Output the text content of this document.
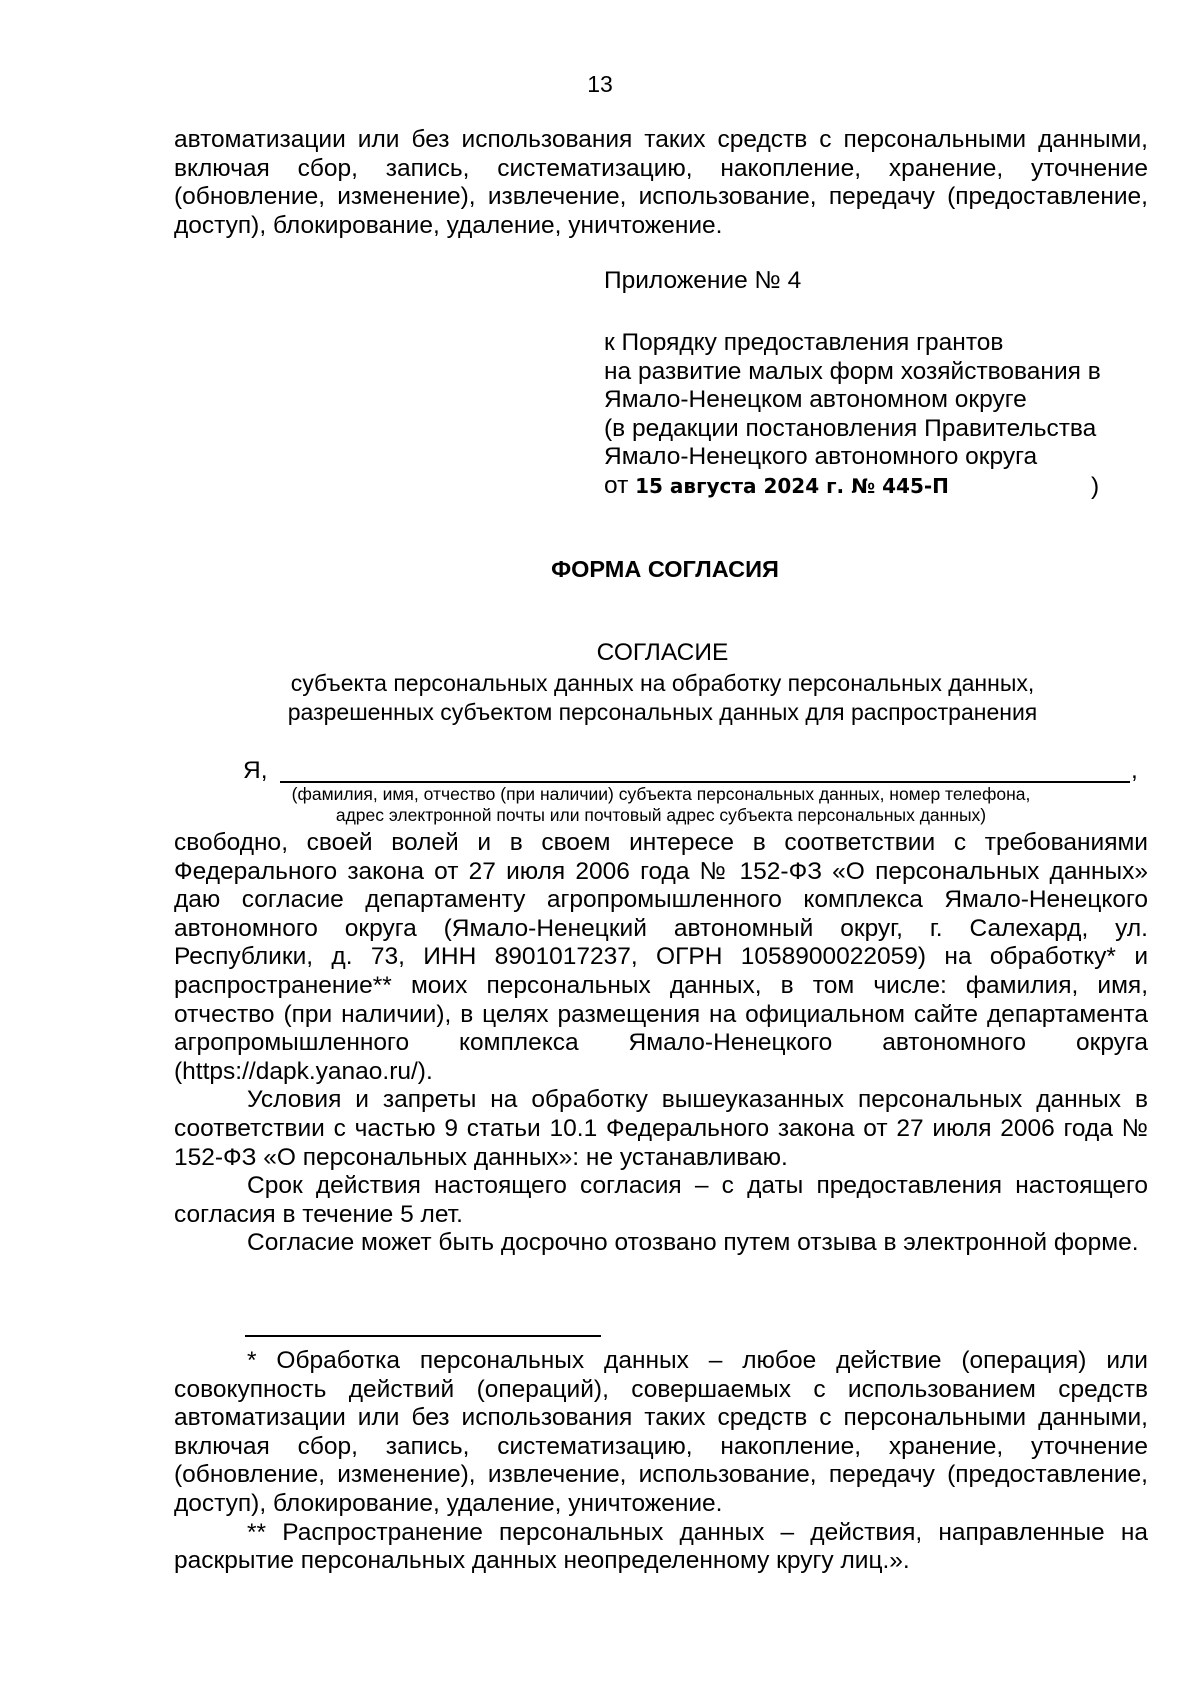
13

автоматизации или без использования таких средств с персональными данными, включая сбор, запись, систематизацию, накопление, хранение, уточнение (обновление, изменение), извлечение, использование, передачу (предоставление, доступ), блокирование, удаление, уничтожение.

Приложение № 4
к Порядку предоставления грантов
на развитие малых форм хозяйствования в
Ямало-Ненецком автономном округе
(в редакции постановления Правительства
Ямало-Ненецкого автономного округа
от 15 августа 2024 г. № 445-П	)
ФОРМА СОГЛАСИЯ
СОГЛАСИЕ
субъекта персональных данных на обработку персональных данных,
разрешенных субъектом персональных данных для распространения
Я,	,
(фамилия, имя, отчество (при наличии) субъекта персональных данных, номер телефона,
адрес электронной почты или почтовый адрес субъекта персональных данных)

свободно, своей волей и в своем интересе в соответствии с требованиями Федерального закона от 27 июля 2006 года № 152-ФЗ «О персональных данных» даю согласие департаменту агропромышленного комплекса Ямало-Ненецкого автономного округа (Ямало-Ненецкий автономный округ, г. Салехард, ул. Республики, д. 73, ИНН 8901017237, ОГРН 1058900022059) на обработку* и распространение** моих персональных данных, в том числе: фамилия, имя, отчество (при наличии), в целях размещения на официальном сайте департамента агропромышленного комплекса Ямало-Ненецкого автономного округа (https://dapk.yanao.ru/).

Условия и запреты на обработку вышеуказанных персональных данных в соответствии с частью 9 статьи 10.1 Федерального закона от 27 июля 2006 года № 152-ФЗ «О персональных данных»: не устанавливаю.

Срок действия настоящего согласия – с даты предоставления настоящего согласия в течение 5 лет.

Согласие может быть досрочно отозвано путем отзыва в электронной форме.

* Обработка персональных данных – любое действие (операция) или совокупность действий (операций), совершаемых с использованием средств автоматизации или без использования таких средств с персональными данными, включая сбор, запись, систематизацию, накопление, хранение, уточнение (обновление, изменение), извлечение, использование, передачу (предоставление, доступ), блокирование, удаление, уничтожение.

** Распространение персональных данных – действия, направленные на раскрытие персональных данных неопределенному кругу лиц.».
